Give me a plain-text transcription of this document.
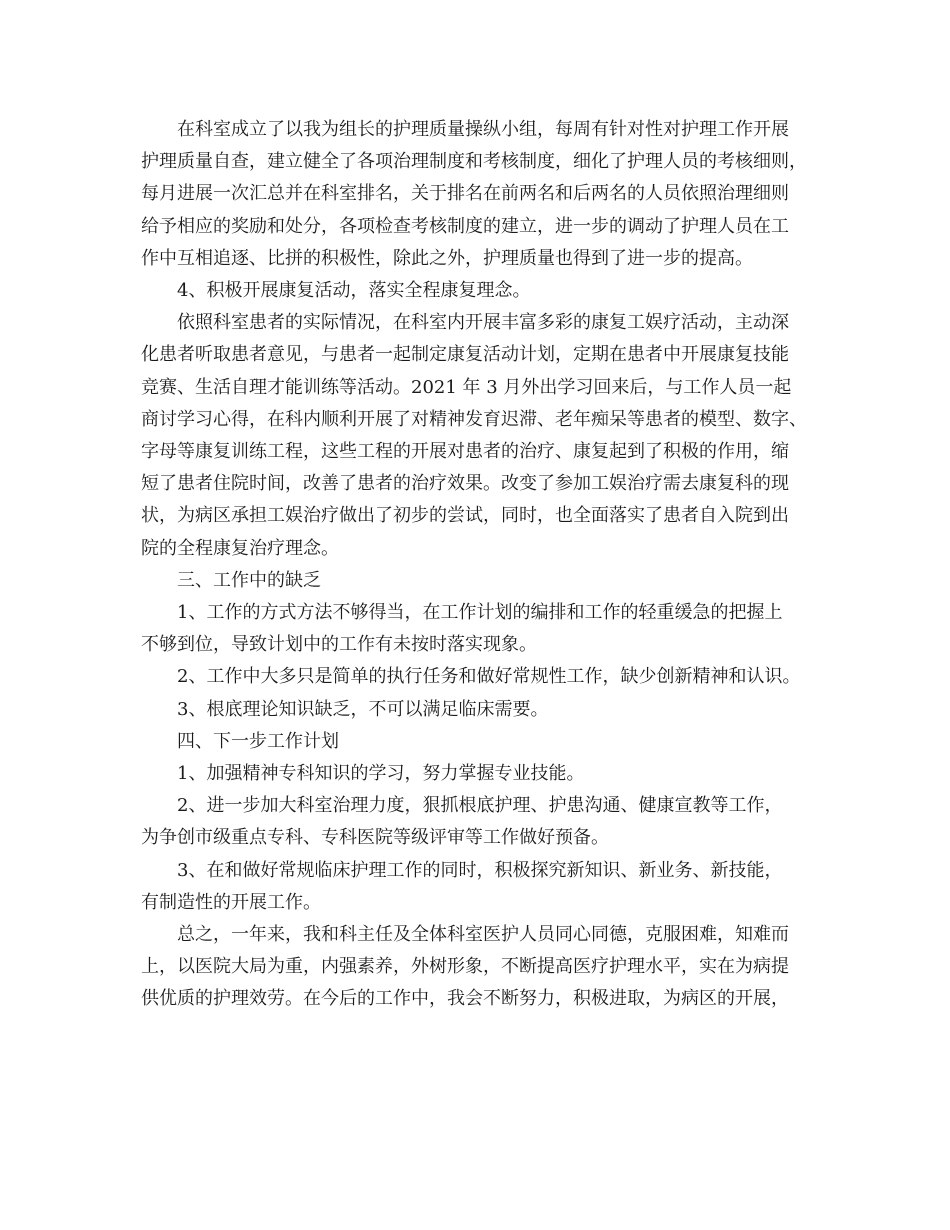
在科室成立了以我为组长的护理质量操纵小组，每周有针对性对护理工作开展
护理质量自查，建立健全了各项治理制度和考核制度，细化了护理人员的考核细则，
每月进展一次汇总并在科室排名，关于排名在前两名和后两名的人员依照治理细则
给予相应的奖励和处分，各项检查考核制度的建立，进一步的调动了护理人员在工
作中互相追逐、比拼的积极性，除此之外，护理质量也得到了进一步的提高。

4、积极开展康复活动，落实全程康复理念。

依照科室患者的实际情况，在科室内开展丰富多彩的康复工娱疗活动，主动深
化患者听取患者意见，与患者一起制定康复活动计划，定期在患者中开展康复技能
竞赛、生活自理才能训练等活动。2021 年 3 月外出学习回来后，与工作人员一起
商讨学习心得，在科内顺利开展了对精神发育迟滞、老年痴呆等患者的模型、数字、
字母等康复训练工程，这些工程的开展对患者的治疗、康复起到了积极的作用，缩
短了患者住院时间，改善了患者的治疗效果。改变了参加工娱治疗需去康复科的现
状，为病区承担工娱治疗做出了初步的尝试，同时，也全面落实了患者自入院到出
院的全程康复治疗理念。

三、工作中的缺乏

1、工作的方式方法不够得当，在工作计划的编排和工作的轻重缓急的把握上
不够到位，导致计划中的工作有未按时落实现象。

2、工作中大多只是简单的执行任务和做好常规性工作，缺少创新精神和认识。

3、根底理论知识缺乏，不可以满足临床需要。

四、下一步工作计划

1、加强精神专科知识的学习，努力掌握专业技能。

2、进一步加大科室治理力度，狠抓根底护理、护患沟通、健康宣教等工作，
为争创市级重点专科、专科医院等级评审等工作做好预备。

3、在和做好常规临床护理工作的同时，积极探究新知识、新业务、新技能，
有制造性的开展工作。

总之，一年来，我和科主任及全体科室医护人员同心同德，克服困难，知难而
上，以医院大局为重，内强素养，外树形象，不断提高医疗护理水平，实在为病提
供优质的护理效劳。在今后的工作中，我会不断努力，积极进取，为病区的开展，
